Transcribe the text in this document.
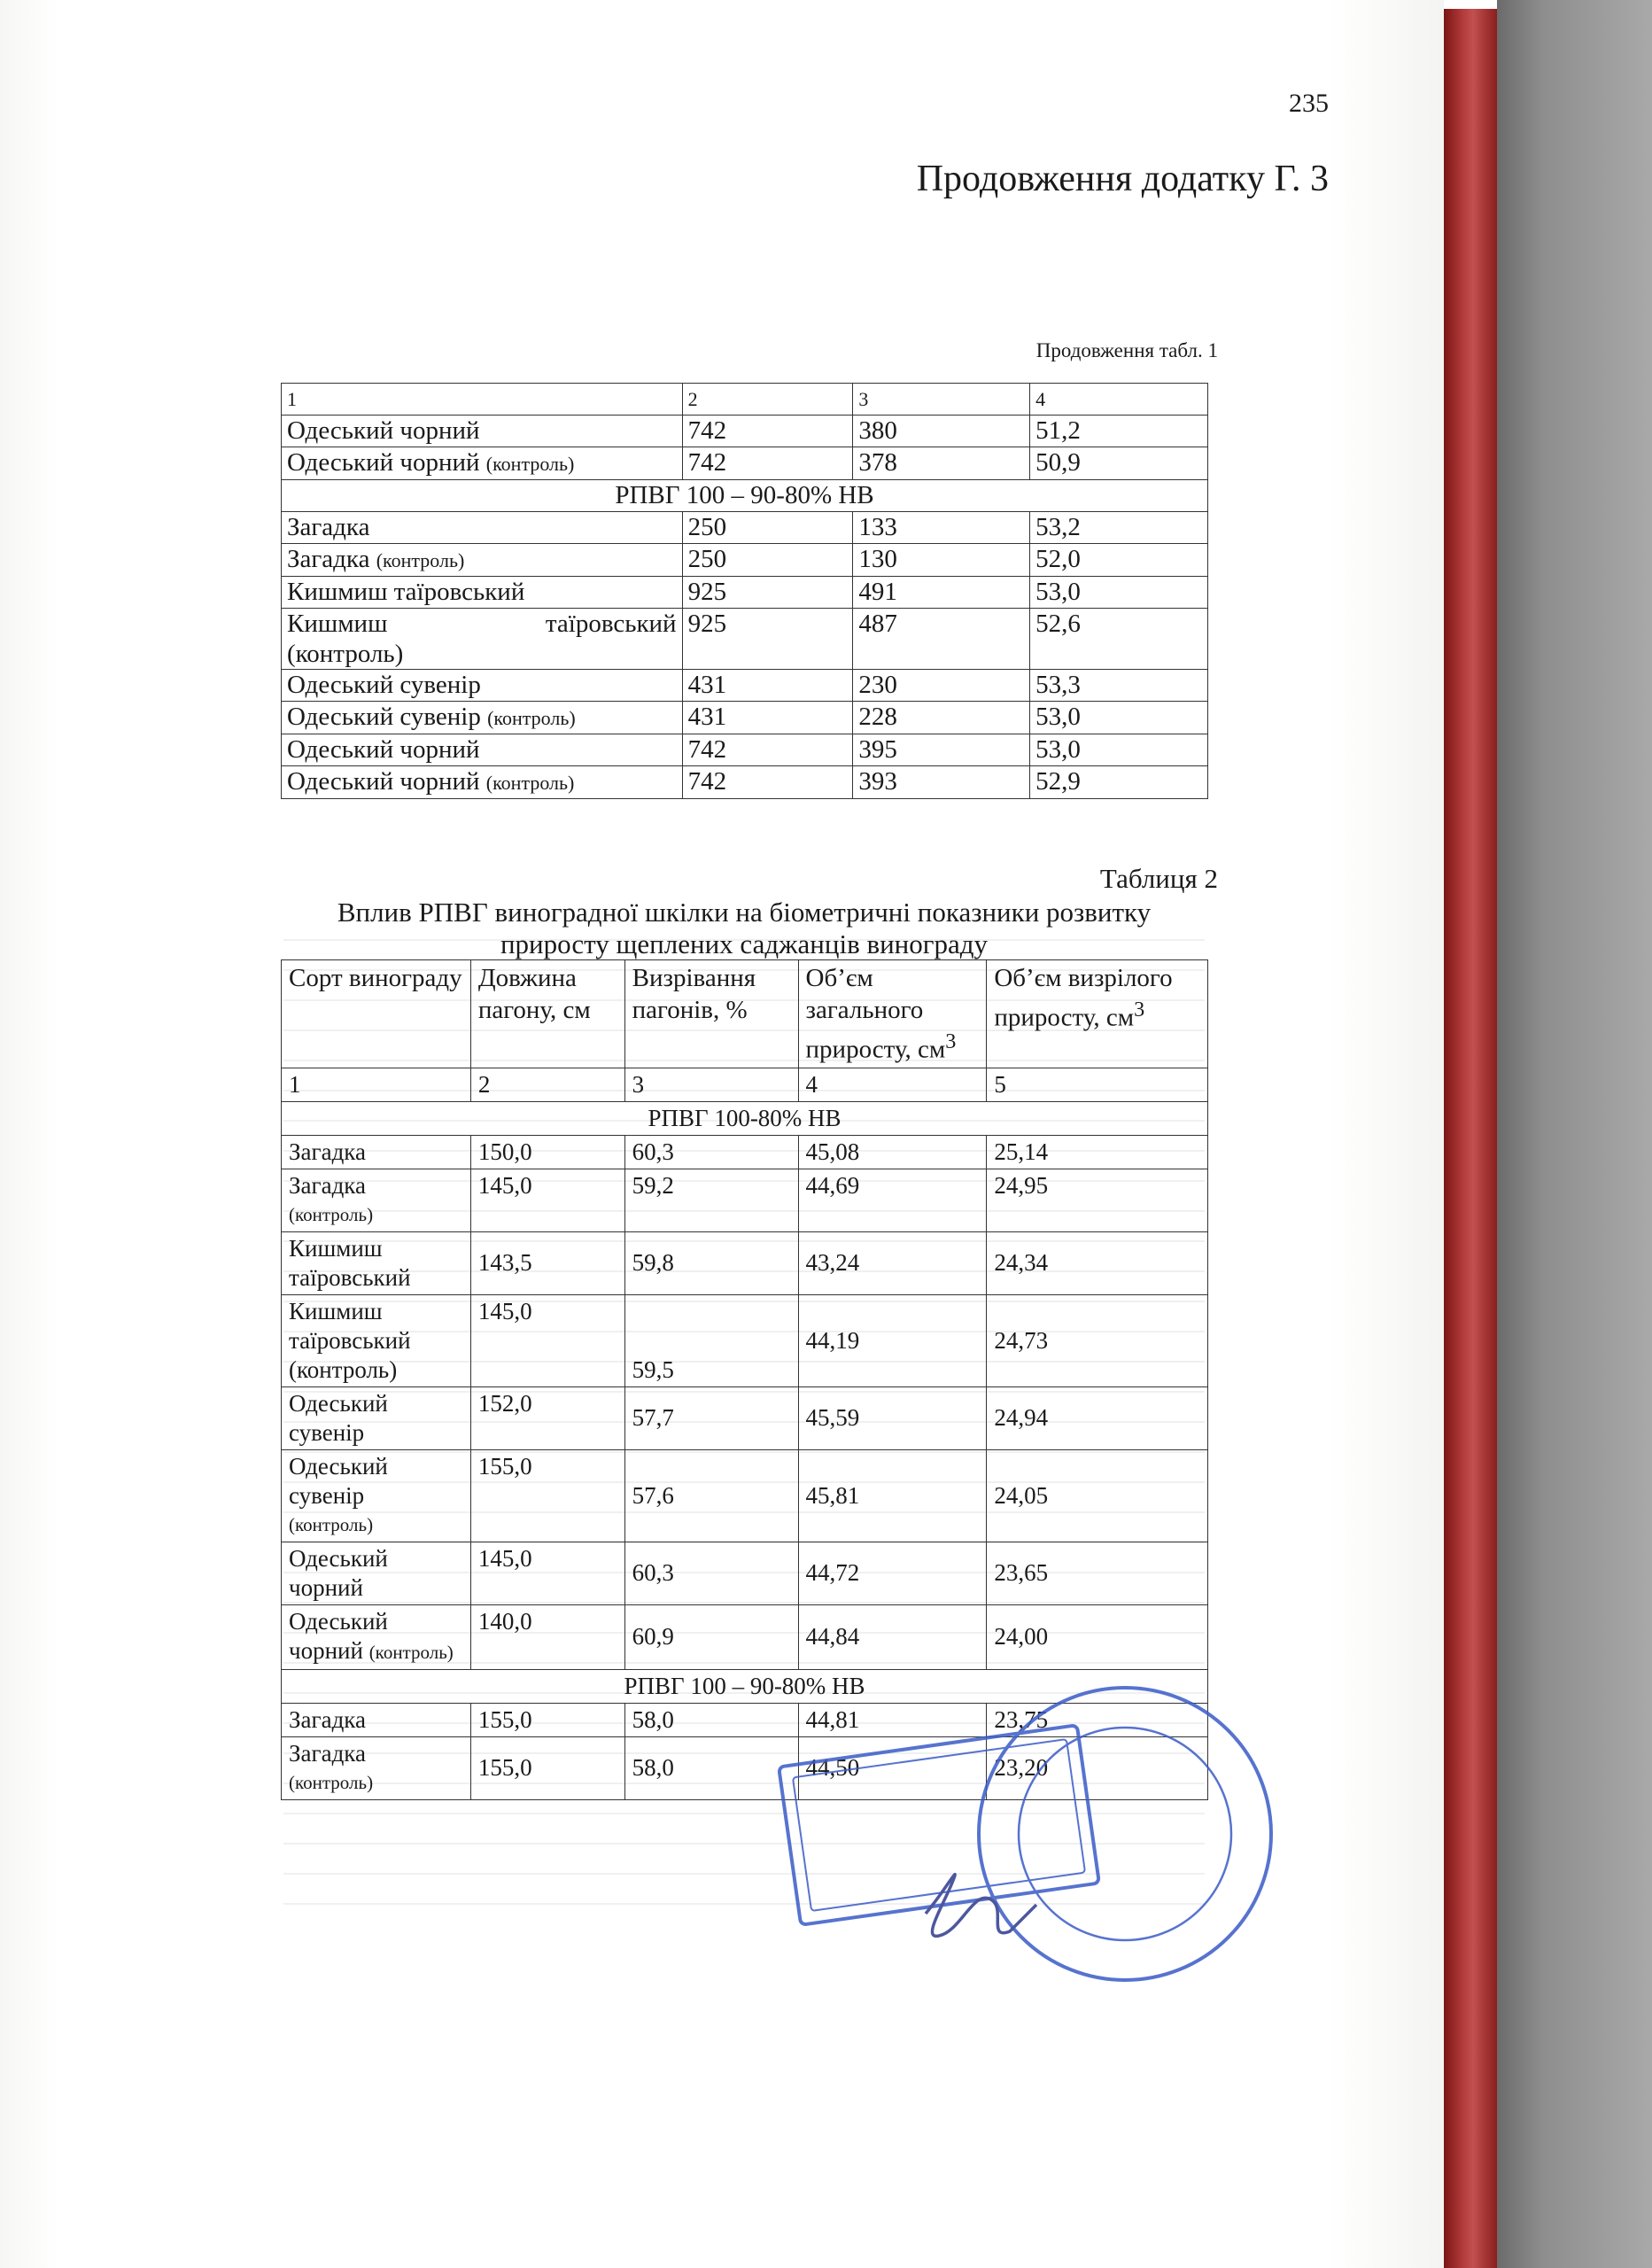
235
Продовження додатку Г. 3
Продовження табл. 1
1	2	3	4
Одеський чорний	742	380	51,2
Одеський чорний (контроль)	742	378	50,9
РПВГ 100 – 90-80% НВ			
Загадка	250	133	53,2
Загадка (контроль)	250	130	52,0
Кишмиш таїровський	925	491	53,0

Кишмиш таїровський
(контроль)	925	487	52,6
Одеський сувенір	431	230	53,3
Одеський сувенір (контроль)	431	228	53,0
Одеський чорний	742	395	53,0
Одеський чорний (контроль)	742	393	52,9
Таблиця 2
Вплив РПВГ виноградної шкілки на біометричні показники розвитку
приросту щеплених саджанців винограду
Сорт винограду	Довжина пагону, см	Визрівання пагонів, %	Об’єм загального приросту, $см^3$	Об’єм визрілого приросту, $см^3$
1	2	3	4	5
РПВГ 100-80% НВ				

Загадка	150,0	60,3	45,08	25,14

Загадка
(контроль)	145,0	59,2	44,69	24,95

Кишмиш
таїровський	143,5	59,8	43,24	24,34

Кишмиш
таїровський
(контроль)	145,0	59,5	44,19	24,73

Одеський
сувенір	152,0	57,7	45,59	24,94

Одеський
сувенір
(контроль)	155,0	57,6	45,81	24,05

Одеський
чорний	145,0	60,3	44,72	23,65

Одеський
чорний (контроль)	140,0	60,9	44,84	24,00
РПВГ 100 – 90-80% НВ				

Загадка	155,0	58,0	44,81	23,75

Загадка
(контроль)	155,0	58,0	44,50	23,20
